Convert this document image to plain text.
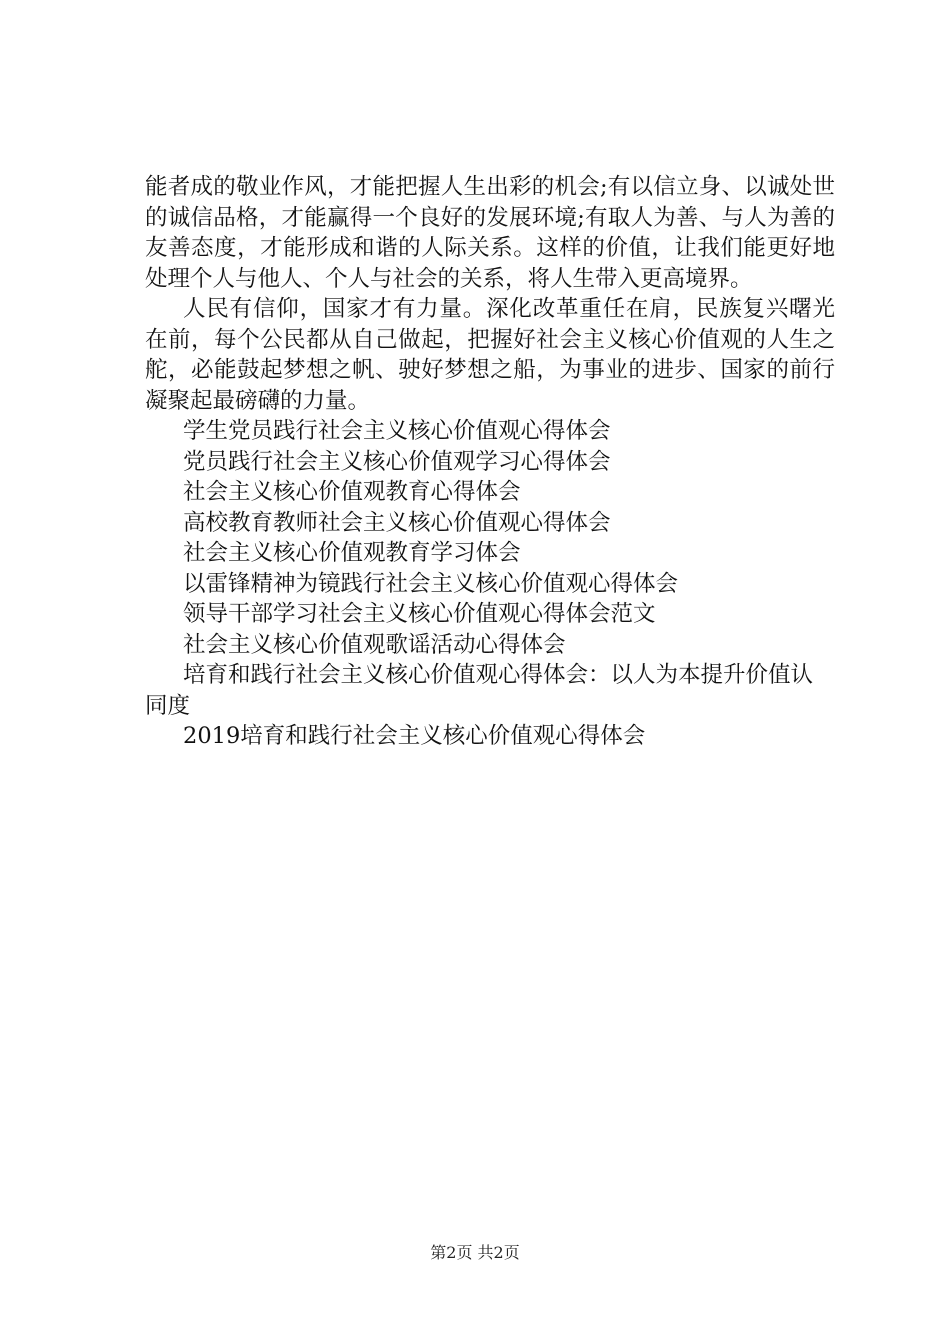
能者成的敬业作风，才能把握人生出彩的机会;有以信立身、以诚处世的诚信品格，才能赢得一个良好的发展环境;有取人为善、与人为善的友善态度，才能形成和谐的人际关系。这样的价值，让我们能更好地处理个人与他人、个人与社会的关系，将人生带入更高境界。

人民有信仰，国家才有力量。深化改革重任在肩，民族复兴曙光在前，每个公民都从自己做起，把握好社会主义核心价值观的人生之舵，必能鼓起梦想之帆、驶好梦想之船，为事业的进步、国家的前行凝聚起最磅礴的力量。

学生党员践行社会主义核心价值观心得体会

党员践行社会主义核心价值观学习心得体会

社会主义核心价值观教育心得体会

高校教育教师社会主义核心价值观心得体会

社会主义核心价值观教育学习体会

以雷锋精神为镜践行社会主义核心价值观心得体会

领导干部学习社会主义核心价值观心得体会范文

社会主义核心价值观歌谣活动心得体会

培育和践行社会主义核心价值观心得体会：以人为本提升价值认同度

2019培育和践行社会主义核心价值观心得体会

第2页 共2页
